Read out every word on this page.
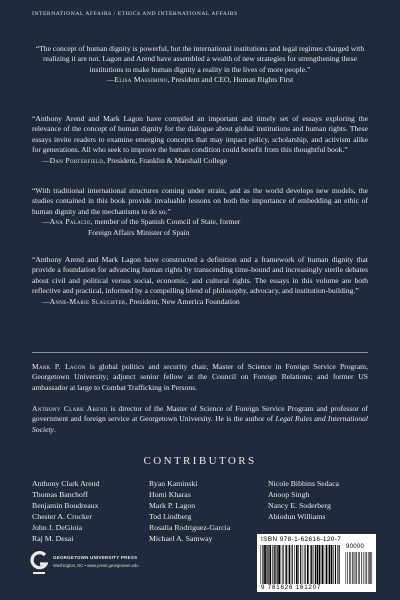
INTERNATIONAL AFFAIRS / ETHICS AND INTERNATIONAL AFFAIRS

“The concept of human dignity is powerful, but the international institutions and legal regimes charged with realizing it are not. Lagon and Arend have assembled a wealth of new strategies for strengthening these institutions to make human dignity a reality in the lives of more people.”
—Elisa Massimino, President and CEO, Human Rights First

“Anthony Arend and Mark Lagon have compiled an important and timely set of essays exploring the relevance of the concept of human dignity for the dialogue about global institutions and human rights. These essays invite readers to examine emerging concepts that may impact policy, scholarship, and activism alike for generations. All who seek to improve the human condition could benefit from this thoughtful book.”
—Dan Porterfield, President, Franklin & Marshall College

“With traditional international structures coming under strain, and as the world develops new models, the studies contained in this book provide invaluable lessons on both the importance of embedding an ethic of human dignity and the mechanisms to do so.”
—Ana Palacio, member of the Spanish Council of State, former
Foreign Affairs Minister of Spain

“Anthony Arend and Mark Lagon have constructed a definition and a framework of human dignity that provide a foundation for advancing human rights by transcending time-bound and increasingly sterile debates about civil and political versus social, economic, and cultural rights. The essays in this volume are both reflective and practical, informed by a compelling blend of philosophy, advocacy, and institution-building.”
—Anne-Marie Slaughter, President, New America Foundation

Mark P. Lagon is global politics and security chair, Master of Science in Foreign Service Program, Georgetown University; adjunct senior fellow at the Council on Foreign Relations; and former US ambassador at large to Combat Trafficking in Persons.

Anthony Clark Arend is director of the Master of Science of Foreign Service Program and professor of government and foreign service at Georgetown University. He is the author of Legal Rules and International Society.

CONTRIBUTORS
Anthony Clark Arend
Thomas Banchoff
Benjamin Boudreaux
Chester A. Crocker
John J. DeGioia
Raj M. Desai
Ryan Kaminski
Homi Kharas
Mark P. Lagon
Tod Lindberg
Rosalia Rodriguez-Garcia
Michael A. Samway
Nicole Bibbins Sedaca
Anoop Singh
Nancy E. Soderberg
Abiodun Williams
GEORGETOWN UNIVERSITY PRESS
Washington, DC • www.press.georgetown.edu
ISBN 978-1-62616-120-7
90000
9 781626 161207
